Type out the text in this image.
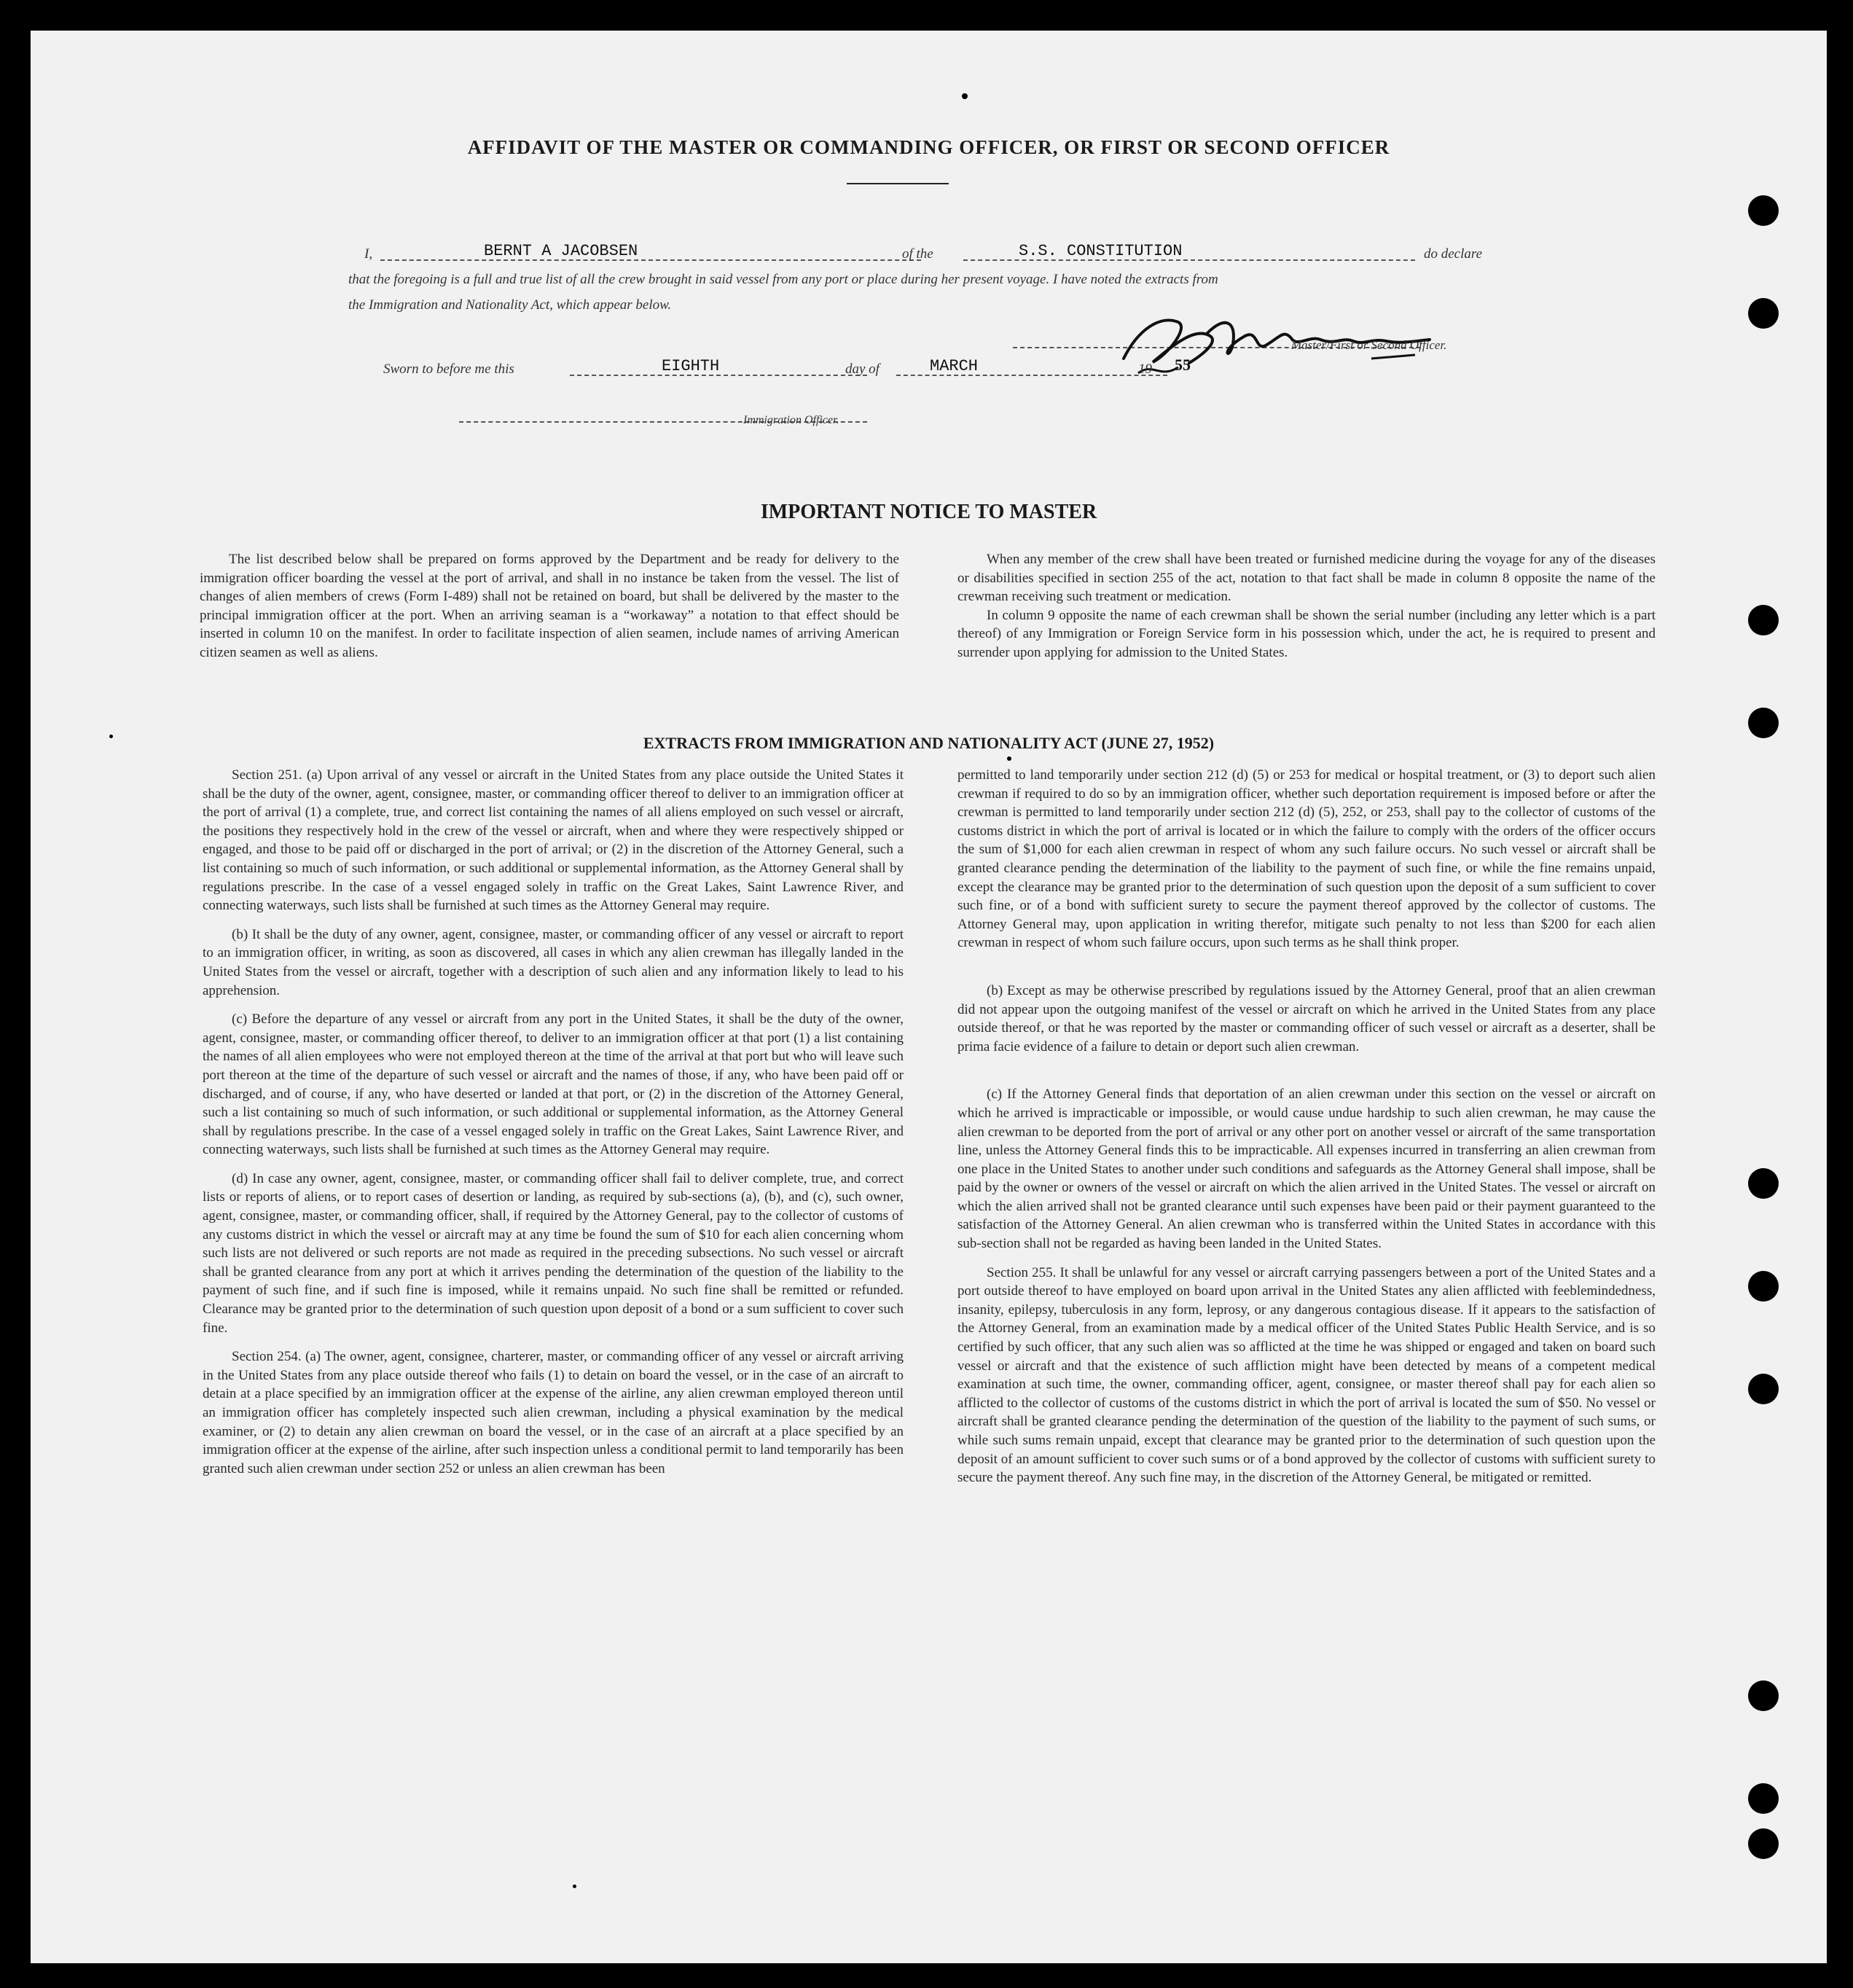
AFFIDAVIT OF THE MASTER OR COMMANDING OFFICER, OR FIRST OR SECOND OFFICER
I,	BERNT A JACOBSEN	of the	S.S. CONSTITUTION	do declare
that the foregoing is a full and true list of all the crew brought in said vessel from any port or place during her present voyage. I have noted the extracts from
the Immigration and Nationality Act, which appear below.
Master/First or Second Officer.
Sworn to before me this	EIGHTH	day of	MARCH	19 55
Immigration Officer.
IMPORTANT NOTICE TO MASTER

The list described below shall be prepared on forms approved by the Department and be ready for delivery to the immigration officer boarding the vessel at the port of arrival, and shall in no instance be taken from the vessel. The list of changes of alien members of crews (Form I-489) shall not be retained on board, but shall be delivered by the master to the principal immigration officer at the port. When an arriving seaman is a “workaway” a notation to that effect should be inserted in column 10 on the manifest. In order to facilitate inspection of alien seamen, include names of arriving American citizen seamen as well as aliens.

When any member of the crew shall have been treated or furnished medicine during the voyage for any of the diseases or disabilities specified in section 255 of the act, notation to that fact shall be made in column 8 opposite the name of the crewman receiving such treatment or medication.

In column 9 opposite the name of each crewman shall be shown the serial number (including any letter which is a part thereof) of any Immigration or Foreign Service form in his possession which, under the act, he is required to present and surrender upon applying for admission to the United States.

EXTRACTS FROM IMMIGRATION AND NATIONALITY ACT (JUNE 27, 1952)

Section 251. (a) Upon arrival of any vessel or aircraft in the United States from any place outside the United States it shall be the duty of the owner, agent, consignee, master, or commanding officer thereof to deliver to an immigration officer at the port of arrival (1) a complete, true, and correct list containing the names of all aliens employed on such vessel or aircraft, the positions they respectively hold in the crew of the vessel or aircraft, when and where they were respectively shipped or engaged, and those to be paid off or discharged in the port of arrival; or (2) in the discretion of the Attorney General, such a list containing so much of such information, or such additional or supplemental information, as the Attorney General shall by regulations prescribe. In the case of a vessel engaged solely in traffic on the Great Lakes, Saint Lawrence River, and connecting waterways, such lists shall be furnished at such times as the Attorney General may require.

(b) It shall be the duty of any owner, agent, consignee, master, or commanding officer of any vessel or aircraft to report to an immigration officer, in writing, as soon as discovered, all cases in which any alien crewman has illegally landed in the United States from the vessel or aircraft, together with a description of such alien and any information likely to lead to his apprehension.

(c) Before the departure of any vessel or aircraft from any port in the United States, it shall be the duty of the owner, agent, consignee, master, or commanding officer thereof, to deliver to an immigration officer at that port (1) a list containing the names of all alien employees who were not employed thereon at the time of the arrival at that port but who will leave such port thereon at the time of the departure of such vessel or aircraft and the names of those, if any, who have been paid off or discharged, and of course, if any, who have deserted or landed at that port, or (2) in the discretion of the Attorney General, such a list containing so much of such information, or such additional or supplemental information, as the Attorney General shall by regulations prescribe. In the case of a vessel engaged solely in traffic on the Great Lakes, Saint Lawrence River, and connecting waterways, such lists shall be furnished at such times as the Attorney General may require.

(d) In case any owner, agent, consignee, master, or commanding officer shall fail to deliver complete, true, and correct lists or reports of aliens, or to report cases of desertion or landing, as required by sub-sections (a), (b), and (c), such owner, agent, consignee, master, or commanding officer, shall, if required by the Attorney General, pay to the collector of customs of any customs district in which the vessel or aircraft may at any time be found the sum of $10 for each alien concerning whom such lists are not delivered or such reports are not made as required in the preceding subsections. No such vessel or aircraft shall be granted clearance from any port at which it arrives pending the determination of the question of the liability to the payment of such fine, and if such fine is imposed, while it remains unpaid. No such fine shall be remitted or refunded. Clearance may be granted prior to the determination of such question upon deposit of a bond or a sum sufficient to cover such fine.

Section 254. (a) The owner, agent, consignee, charterer, master, or commanding officer of any vessel or aircraft arriving in the United States from any place outside thereof who fails (1) to detain on board the vessel, or in the case of an aircraft to detain at a place specified by an immigration officer at the expense of the airline, any alien crewman employed thereon until an immigration officer has completely inspected such alien crewman, including a physical examination by the medical examiner, or (2) to detain any alien crewman on board the vessel, or in the case of an aircraft at a place specified by an immigration officer at the expense of the airline, after such inspection unless a conditional permit to land temporarily has been granted such alien crewman under section 252 or unless an alien crewman has been

permitted to land temporarily under section 212 (d) (5) or 253 for medical or hospital treatment, or (3) to deport such alien crewman if required to do so by an immigration officer, whether such deportation requirement is imposed before or after the crewman is permitted to land temporarily under section 212 (d) (5), 252, or 253, shall pay to the collector of customs of the customs district in which the port of arrival is located or in which the failure to comply with the orders of the officer occurs the sum of $1,000 for each alien crewman in respect of whom any such failure occurs. No such vessel or aircraft shall be granted clearance pending the determination of the liability to the payment of such fine, or while the fine remains unpaid, except the clearance may be granted prior to the determination of such question upon the deposit of a sum sufficient to cover such fine, or of a bond with sufficient surety to secure the payment thereof approved by the collector of customs. The Attorney General may, upon application in writing therefor, mitigate such penalty to not less than $200 for each alien crewman in respect of whom such failure occurs, upon such terms as he shall think proper.

(b) Except as may be otherwise prescribed by regulations issued by the Attorney General, proof that an alien crewman did not appear upon the outgoing manifest of the vessel or aircraft on which he arrived in the United States from any place outside thereof, or that he was reported by the master or commanding officer of such vessel or aircraft as a deserter, shall be prima facie evidence of a failure to detain or deport such alien crewman.

(c) If the Attorney General finds that deportation of an alien crewman under this section on the vessel or aircraft on which he arrived is impracticable or impossible, or would cause undue hardship to such alien crewman, he may cause the alien crewman to be deported from the port of arrival or any other port on another vessel or aircraft of the same transportation line, unless the Attorney General finds this to be impracticable. All expenses incurred in transferring an alien crewman from one place in the United States to another under such conditions and safeguards as the Attorney General shall impose, shall be paid by the owner or owners of the vessel or aircraft on which the alien arrived in the United States. The vessel or aircraft on which the alien arrived shall not be granted clearance until such expenses have been paid or their payment guaranteed to the satisfaction of the Attorney General. An alien crewman who is transferred within the United States in accordance with this sub-section shall not be regarded as having been landed in the United States.

Section 255. It shall be unlawful for any vessel or aircraft carrying passengers between a port of the United States and a port outside thereof to have employed on board upon arrival in the United States any alien afflicted with feeblemindedness, insanity, epilepsy, tuberculosis in any form, leprosy, or any dangerous contagious disease. If it appears to the satisfaction of the Attorney General, from an examination made by a medical officer of the United States Public Health Service, and is so certified by such officer, that any such alien was so afflicted at the time he was shipped or engaged and taken on board such vessel or aircraft and that the existence of such affliction might have been detected by means of a competent medical examination at such time, the owner, commanding officer, agent, consignee, or master thereof shall pay for each alien so afflicted to the collector of customs of the customs district in which the port of arrival is located the sum of $50. No vessel or aircraft shall be granted clearance pending the determination of the question of the liability to the payment of such sums, or while such sums remain unpaid, except that clearance may be granted prior to the determination of such question upon the deposit of an amount sufficient to cover such sums or of a bond approved by the collector of customs with sufficient surety to secure the payment thereof. Any such fine may, in the discretion of the Attorney General, be mitigated or remitted.
